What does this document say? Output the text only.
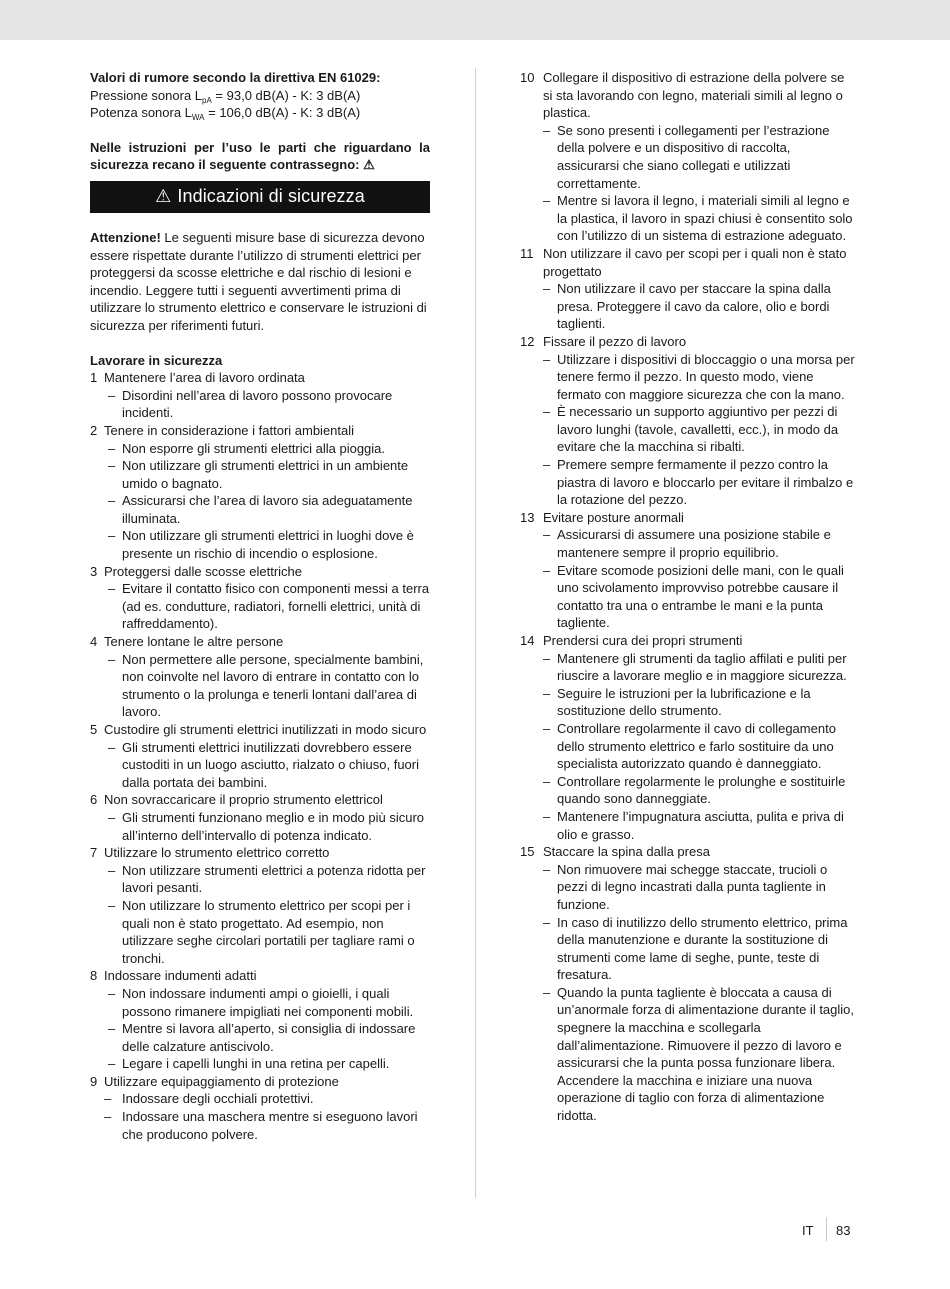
Valori di rumore secondo la direttiva EN 61029:

Pressione sonora $L_{pA} = 93,0$ dB(A) - K: 3 dB(A)

Potenza sonora $L_{WA} = 106,0$ dB(A) - K: 3 dB(A)

Nelle istruzioni per l’uso le parti che riguardano la sicurezza recano il seguente contrassegno: ⚠

⚠ Indicazioni di sicurezza

Attenzione! Le seguenti misure base di sicurezza devono essere rispettate durante l’utilizzo di strumenti elettrici per proteggersi da scosse elettriche e dal rischio di lesioni e incendio. Leggere tutti i seguenti avvertimenti prima di utilizzare lo strumento elettrico e conservare le istruzioni di sicurezza per riferimenti futuri.

Lavorare in sicurezza

1 Mantenere l’area di lavoro ordinata
– Disordini nell’area di lavoro possono provocare incidenti.
2 Tenere in considerazione i fattori ambientali
– Non esporre gli strumenti elettrici alla pioggia.
– Non utilizzare gli strumenti elettrici in un ambiente umido o bagnato.
– Assicurarsi che l’area di lavoro sia adeguatamente illuminata.
– Non utilizzare gli strumenti elettrici in luoghi dove è presente un rischio di incendio o esplosione.
3 Proteggersi dalle scosse elettriche
– Evitare il contatto fisico con componenti messi a terra (ad es. condutture, radiatori, fornelli elettrici, unità di raffreddamento).
4 Tenere lontane le altre persone
– Non permettere alle persone, specialmente bambini, non coinvolte nel lavoro di entrare in contatto con lo strumento o la prolunga e tenerli lontani dall’area di lavoro.
5 Custodire gli strumenti elettrici inutilizzati in modo sicuro
– Gli strumenti elettrici inutilizzati dovrebbero essere custoditi in un luogo asciutto, rialzato o chiuso, fuori dalla portata dei bambini.
6 Non sovraccaricare il proprio strumento elettricol
– Gli strumenti funzionano meglio e in modo più sicuro all’interno dell’intervallo di potenza indicato.
7 Utilizzare lo strumento elettrico corretto
– Non utilizzare strumenti elettrici a potenza ridotta per lavori pesanti.
– Non utilizzare lo strumento elettrico per scopi per i quali non è stato progettato. Ad esempio, non utilizzare seghe circolari portatili per tagliare rami o tronchi.
8 Indossare indumenti adatti
– Non indossare indumenti ampi o gioielli, i quali possono rimanere impigliati nei componenti mobili.
– Mentre si lavora all’aperto, si consiglia di indossare delle calzature antiscivolo.
– Legare i capelli lunghi in una retina per capelli.
9 Utilizzare equipaggiamento di protezione
– Indossare degli occhiali protettivi.
– Indossare una maschera mentre si eseguono lavori che producono polvere.
10 Collegare il dispositivo di estrazione della polvere se si sta lavorando con legno, materiali simili al legno o plastica.
– Se sono presenti i collegamenti per l’estrazione della polvere e un dispositivo di raccolta, assicurarsi che siano collegati e utilizzati correttamente.
– Mentre si lavora il legno, i materiali simili al legno e la plastica, il lavoro in spazi chiusi è consentito solo con l’utilizzo di un sistema di estrazione adeguato.
11 Non utilizzare il cavo per scopi per i quali non è stato progettato
– Non utilizzare il cavo per staccare la spina dalla presa. Proteggere il cavo da calore, olio e bordi taglienti.
12 Fissare il pezzo di lavoro
– Utilizzare i dispositivi di bloccaggio o una morsa per tenere fermo il pezzo. In questo modo, viene fermato con maggiore sicurezza che con la mano.
– È necessario un supporto aggiuntivo per pezzi di lavoro lunghi (tavole, cavalletti, ecc.), in modo da evitare che la macchina si ribalti.
– Premere sempre fermamente il pezzo contro la piastra di lavoro e bloccarlo per evitare il rimbalzo e la rotazione del pezzo.
13 Evitare posture anormali
– Assicurarsi di assumere una posizione stabile e mantenere sempre il proprio equilibrio.
– Evitare scomode posizioni delle mani, con le quali uno scivolamento improvviso potrebbe causare il contatto tra una o entrambe le mani e la punta tagliente.
14 Prendersi cura dei propri strumenti
– Mantenere gli strumenti da taglio affilati e puliti per riuscire a lavorare meglio e in maggiore sicurezza.
– Seguire le istruzioni per la lubrificazione e la sostituzione dello strumento.
– Controllare regolarmente il cavo di collegamento dello strumento elettrico e farlo sostituire da uno specialista autorizzato quando è danneggiato.
– Controllare regolarmente le prolunghe e sostituirle quando sono danneggiate.
– Mantenere l’impugnatura asciutta, pulita e priva di olio e grasso.
15 Staccare la spina dalla presa
– Non rimuovere mai schegge staccate, trucioli o pezzi di legno incastrati dalla punta tagliente in funzione.
– In caso di inutilizzo dello strumento elettrico, prima della manutenzione e durante la sostituzione di strumenti come lame di seghe, punte, teste di fresatura.
– Quando la punta tagliente è bloccata a causa di un’anormale forza di alimentazione durante il taglio, spegnere la macchina e scollegarla dall’alimentazione. Rimuovere il pezzo di lavoro e assicurarsi che la punta possa funzionare libera. Accendere la macchina e iniziare una nuova operazione di taglio con forza di alimentazione ridotta.
IT 83
